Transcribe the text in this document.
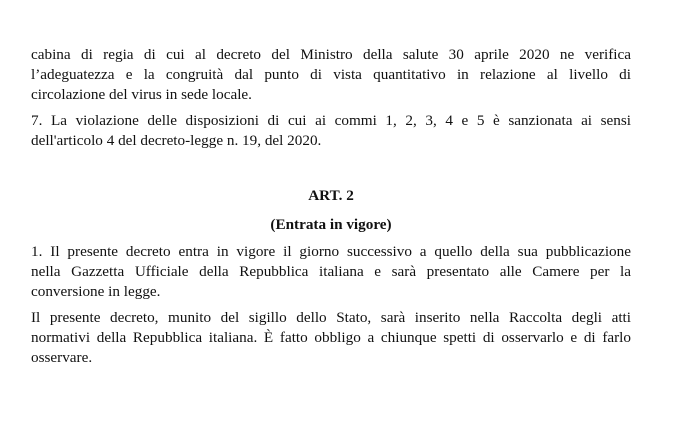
cabina di regia di cui al decreto del Ministro della salute 30 aprile 2020 ne verifica
l’adeguatezza e la congruità dal punto di vista quantitativo in relazione al livello di
circolazione del virus in sede locale.

7. La violazione delle disposizioni di cui ai commi 1, 2, 3, 4 e 5 è sanzionata ai sensi
dell'articolo 4 del decreto-legge n. 19, del 2020.

ART. 2
(Entrata in vigore)

1. Il presente decreto entra in vigore il giorno successivo a quello della sua pubblicazione
nella Gazzetta Ufficiale della Repubblica italiana e sarà presentato alle Camere per la
conversione in legge.

Il presente decreto, munito del sigillo dello Stato, sarà inserito nella Raccolta degli atti
normativi della Repubblica italiana. È fatto obbligo a chiunque spetti di osservarlo e di farlo
osservare.
